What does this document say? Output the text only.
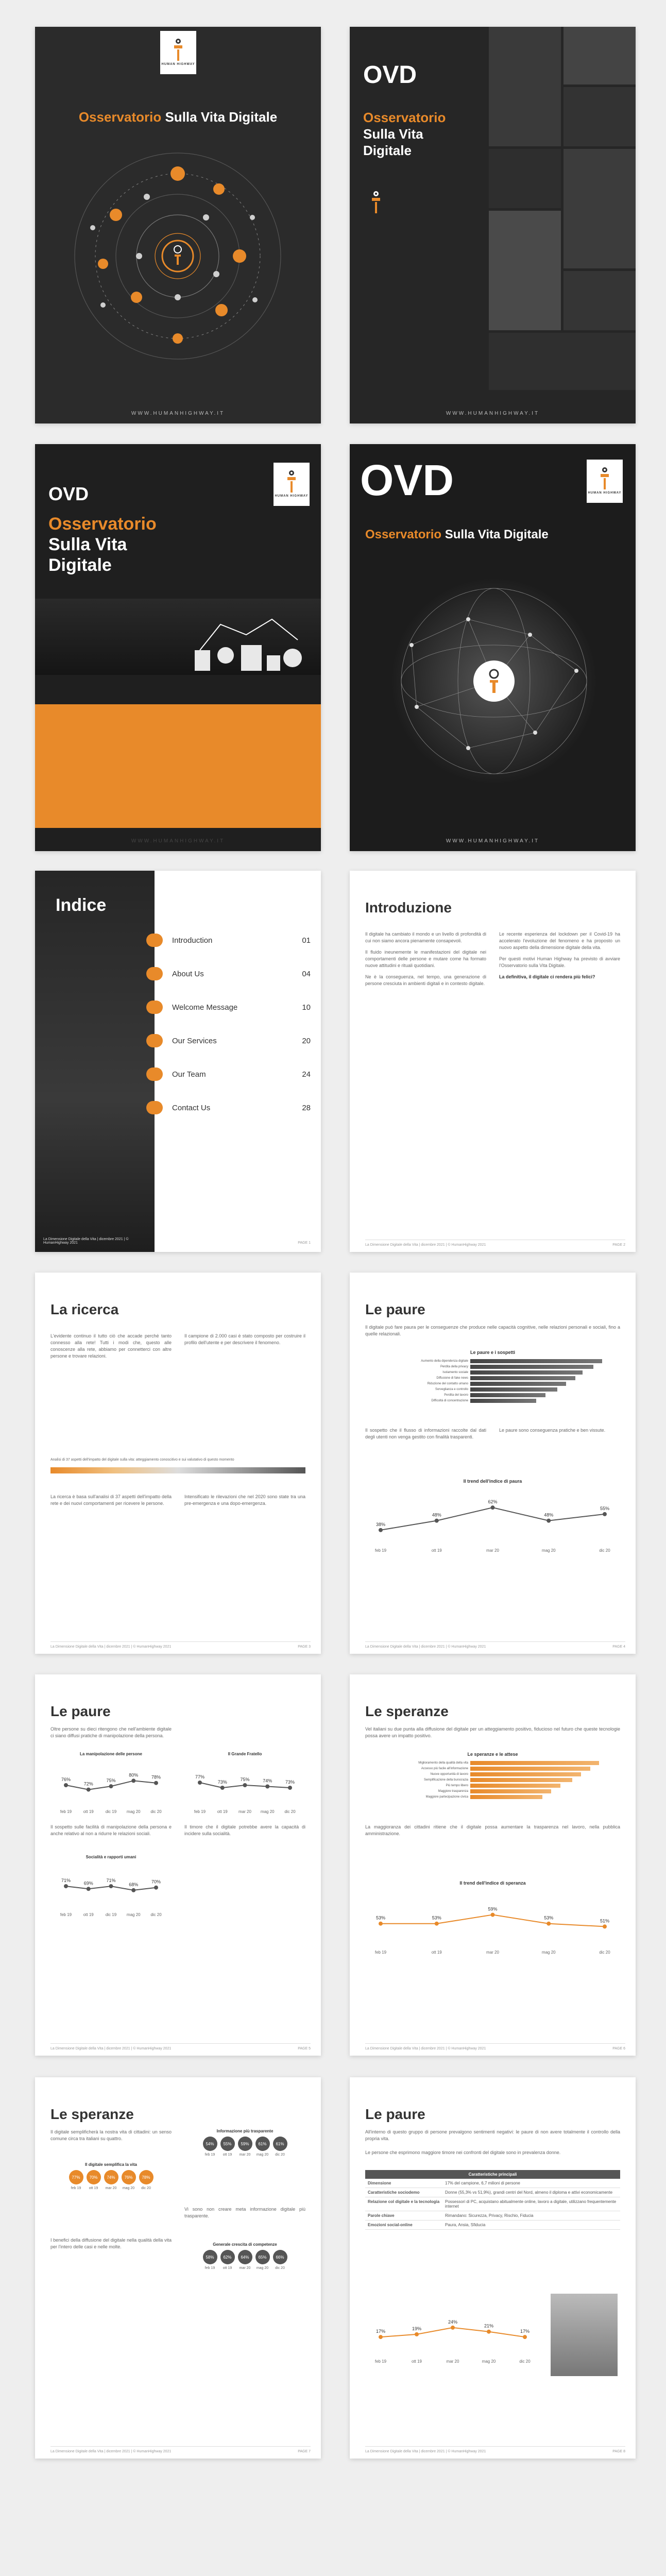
HUMAN HIGHWAY
Osservatorio Sulla Vita Digitale
WWW.HUMANHIGHWAY.IT
OVD
Osservatorio
Sulla Vita
Digitale
WWW.HUMANHIGHWAY.IT
OVD	HUMAN HIGHWAY
Osservatorio
Sulla Vita
Digitale
WWW.HUMANHIGHWAY.IT
OVD	HUMAN HIGHWAY
Osservatorio Sulla Vita Digitale
WWW.HUMANHIGHWAY.IT
Indice
Introduction	01
About Us	04
Welcome Message	10
Our Services	20
Our Team	24
Contact Us	28
La Dimensione Digitale della Vita | dicembre 2021 | © HumanHighway 2021	PAGE 1
Introduzione

Il digitale ha cambiato il mondo e un livello di profondità di cui non siamo ancora pienamente consapevoli.

Il fluido ineunemente le manifestazioni del digitale nei comportamenti delle persone e mutare come ha formato nuove attitudini e rituali quotidiani.

Ne è la conseguenza, nel tempo, una generazione di persone cresciuta in ambienti digitali e in contesto digitale.

Le recente esperienza del lockdown per il Covid-19 ha accelerato l'evoluzione del fenomeno e ha proposto un nuovo aspetto della dimensione digitale della vita.

Per questi motivi Human Highway ha previsto di avviare l'Osservatorio sulla Vita Digitale.

La definitiva, il digitale ci rendera più felici?

La Dimensione Digitale della Vita | dicembre 2021 | © HumanHighway 2021	PAGE 2
La ricerca

L'evidente continuo il tutto ciò che accade perché tanto connesso alla rete! Tutti i modi che, questo alle conoscenze alla rete, abbiamo per connetterci con altre persone e trovare relazioni.

Il campione di 2.000 casi è stato composto per costruire il profilo dell'utente e per descrivere il fenomeno.

Analisi di 37 aspetti dell'impatto del digitale sulla vita: atteggiamento conoscitivo e sui valutativo di questo momento

La ricerca è basa sull'analisi di 37 aspetti dell'impatto della rete e dei nuovi comportamenti per ricevere le persone.

Intensificato le rilevazioni che nel 2020 sono state tra una pre-emergenza e una dopo-emergenza.

La Dimensione Digitale della Vita | dicembre 2021 | © HumanHighway 2021	PAGE 3
Le paure
Il digitale può fare paura per le conseguenze che produce nelle capacità cognitive, nelle relazioni personali e sociali, fino a quelle relazionali.
Le paure e i sospetti
Aumento della dipendenza digitale
Perdita della privacy
Isolamento sociale
Diffusione di fake news
Riduzione del contatto umano
Sorveglianza e controllo
Perdita del lavoro
Difficoltà di concentrazione
Il sospetto che il flusso di informazioni raccolte dal dati degli utenti non venga gestito con finalità trasparenti.
Le paure sono conseguenza pratiche e ben vissute.
Il trend dell'indice di paura
38%
feb 19
48%
ott 19
62%
mar 20
48%
mag 20
55%
dic 20
La Dimensione Digitale della Vita | dicembre 2021 | © HumanHighway 2021	PAGE 4
Le paure
Oltre persone su dieci ritengono che nell'ambiente digitale ci siano diffusi pratiche di manipolazione della persona.
La manipolazione delle persone
76%
feb 19
72%
ott 19
75%
dic 19
80%
mag 20
78%
dic 20
Il sospetto sulle facilità di manipolazione della persona e anche relativo al non a ridurre le relazioni sociali.
Socialità e rapporti umani
71%
feb 19
69%
ott 19
71%
dic 19
68%
mag 20
70%
dic 20
Il Grande Fratello
77%
feb 19
73%
ott 19
75%
mar 20
74%
mag 20
73%
dic 20
Il timore che il digitale potrebbe avere la capacità di incidere sulla socialità.
La Dimensione Digitale della Vita | dicembre 2021 | © HumanHighway 2021	PAGE 5
Le speranze
Vel italiani su due punta alla diffusione del digitale per un atteggiamento positivo, fiducioso nel futuro che queste tecnologie possa avere un impatto positivo.
Le speranze e le attese
Miglioramento della qualità della vita
Accesso più facile all'informazione
Nuove opportunità di lavoro
Semplificazione della burocrazia
Più tempo libero
Maggiore trasparenza
Maggiore partecipazione civica
La maggioranza dei cittadini ritiene che il digitale possa aumentare la trasparenza nel lavoro, nella pubblica amministrazione.
Il trend dell'indice di speranza
53%
feb 19
53%
ott 19
59%
mar 20
53%
mag 20
51%
dic 20
La Dimensione Digitale della Vita | dicembre 2021 | © HumanHighway 2021	PAGE 6
Le speranze
Il digitale semplificherà la nostra vita di cittadini: un senso comune circa tra italiani su quattro.
Il digitale semplifica la vita
77% 70% 74% 76% 78%
feb 19 ott 19 mar 20 mag 20 dic 20
I benefici della diffusione del digitale nella qualità della vita per l'intero delle casi e nelle molte.
Informazione più trasparente
54% 55% 59% 61% 61%
feb 19 ott 19 mar 20 mag 20 dic 20
Vi sono non creare meta informazione digitale più trasparente.
Generale crescita di competenze
58% 62% 64% 65% 66%
feb 19 ott 19 mar 20 mag 20 dic 20
La Dimensione Digitale della Vita | dicembre 2021 | © HumanHighway 2021	PAGE 7
Le paure
All'interno di questo gruppo di persone prevalgono sentimenti negativi: le paure di non avere totalmente il controllo della propria vita.
Le persone che esprimono maggiore timore nei confronti del digitale sono in prevalenza donne.
Caratteristiche principali	
Dimensione	17% del campione, 6,7 milioni di persone
Caratteristiche sociodemo	Donne (55,3% vs 51,9%), grandi centri del Nord, almeno il diploma e attivi economicamente
Relazione col digitale e la tecnologia	Possessori di PC, acquistano abitualmente online, lavoro a digitale, utilizzano frequentemente internet
Parole chiave	Rimandano: Sicurezza, Privacy, Rischio, Fiducia
Emozioni social-online	Paura, Ansia, Sfiducia
17%
feb 19
19%
ott 19
24%
mar 20
21%
mag 20
17%
dic 20
La Dimensione Digitale della Vita | dicembre 2021 | © HumanHighway 2021	PAGE 8
